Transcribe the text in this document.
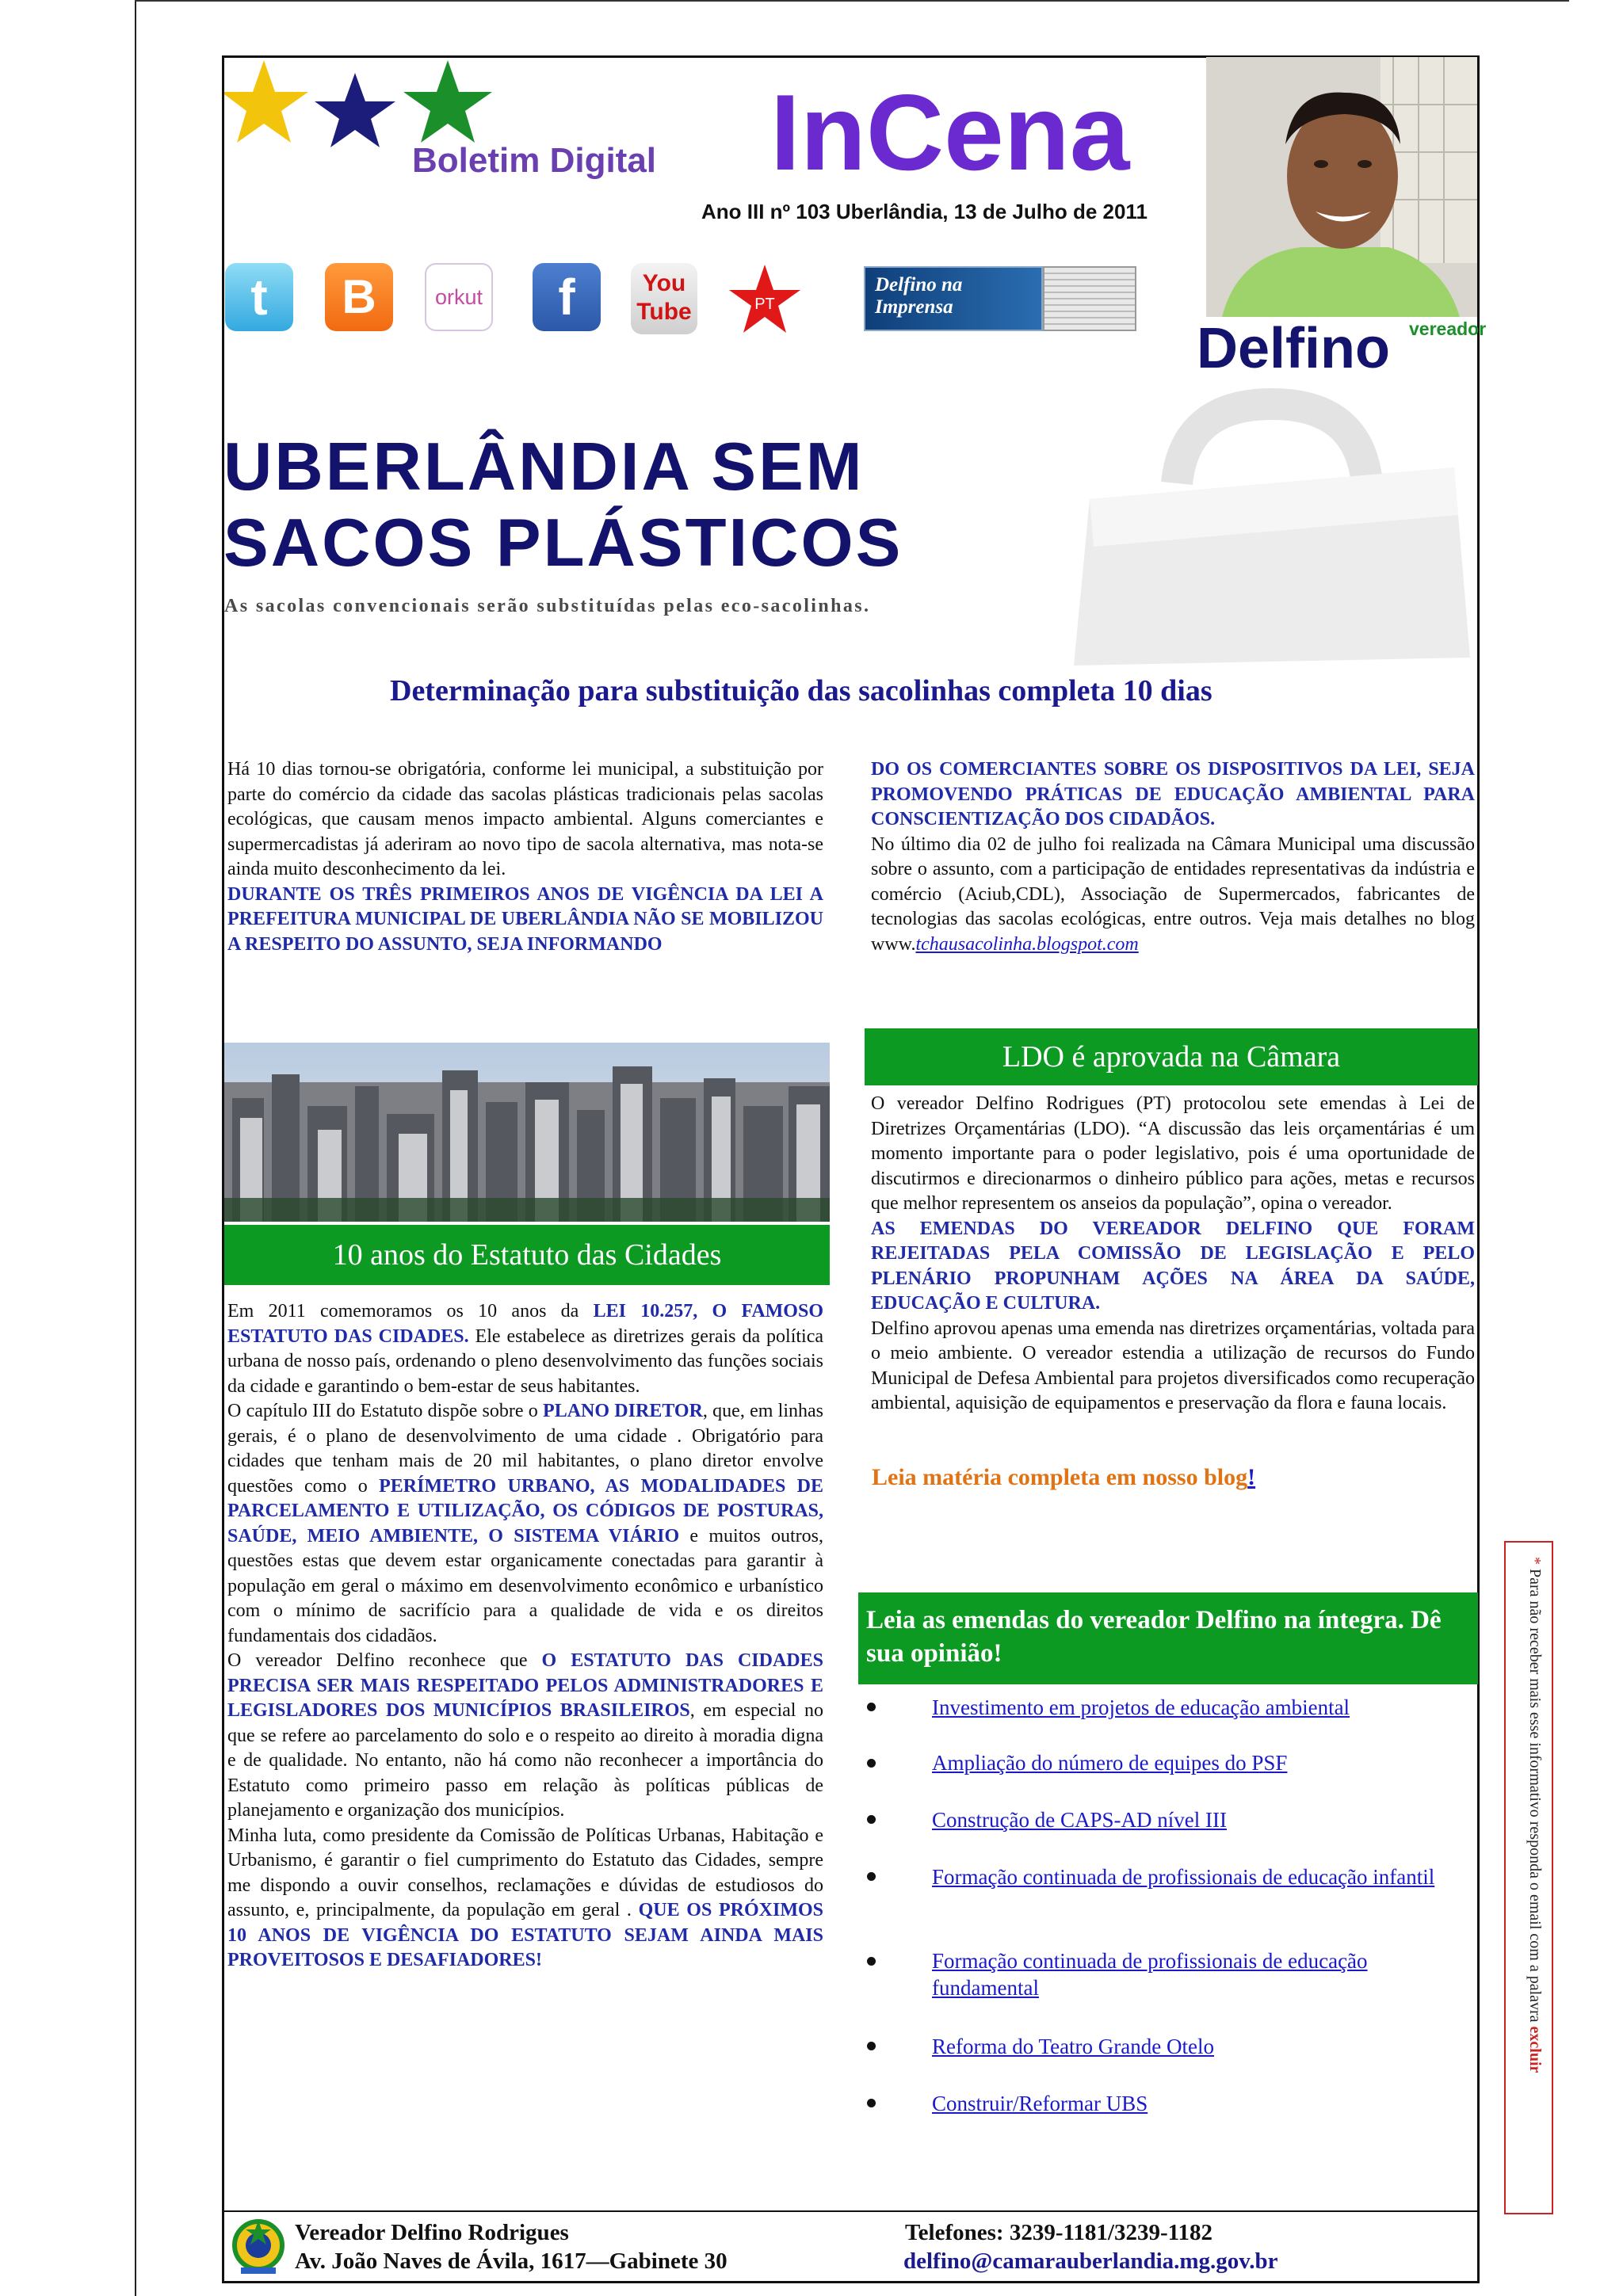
Boletim Digital InCena
Ano III nº 103 Uberlândia, 13 de Julho de 2011
vereador
Delfino
t	B	orkut	f	You Tube	PT
Delfino na
Imprensa
UBERLÂNDIA SEM
SACOS PLÁSTICOS
As sacolas convencionais serão substituídas pelas eco-sacolinhas.
Determinação para substituição das sacolinhas completa 10 dias
Há 10 dias tornou-se obrigatória, conforme lei municipal, a substituição por parte do comércio da cidade das sacolas plásticas tradicionais pelas sacolas ecológicas, que causam menos impacto ambiental. Alguns comerciantes e supermercadistas já aderiram ao novo tipo de sacola alternativa, mas nota-se ainda muito desconhecimento da lei.
DURANTE OS TRÊS PRIMEIROS ANOS DE VIGÊNCIA DA LEI A PREFEITURA MUNICIPAL DE UBERLÂNDIA NÃO SE MOBILIZOU A RESPEITO DO ASSUNTO, SEJA INFORMANDO
DO OS COMERCIANTES SOBRE OS DISPOSITIVOS DA LEI, SEJA PROMOVENDO PRÁTICAS DE EDUCAÇÃO AMBIENTAL PARA CONSCIENTIZAÇÃO DOS CIDADÃOS.
No último dia 02 de julho foi realizada na Câmara Municipal uma discussão sobre o assunto, com a participação de entidades representativas da indústria e comércio (Aciub,CDL), Associação de Supermercados, fabricantes de tecnologias das sacolas ecológicas, entre outros. Veja mais detalhes no blog www.tchausacolinha.blogspot.com
10 anos do Estatuto das Cidades
Em 2011 comemoramos os 10 anos da LEI 10.257, O FAMOSO ESTATUTO DAS CIDADES. Ele estabelece as diretrizes gerais da política urbana de nosso país, ordenando o pleno desenvolvimento das funções sociais da cidade e garantindo o bem-estar de seus habitantes.
O capítulo III do Estatuto dispõe sobre o PLANO DIRETOR, que, em linhas gerais, é o plano de desenvolvimento de uma cidade . Obrigatório para cidades que tenham mais de 20 mil habitantes, o plano diretor envolve questões como o PERÍMETRO URBANO, AS MODALIDADES DE PARCELAMENTO E UTILIZAÇÃO, OS CÓDIGOS DE POSTURAS, SAÚDE, MEIO AMBIENTE, O SISTEMA VIÁRIO e muitos outros, questões estas que devem estar organicamente conectadas para garantir à população em geral o máximo em desenvolvimento econômico e urbanístico com o mínimo de sacrifício para a qualidade de vida e os direitos fundamentais dos cidadãos.
O vereador Delfino reconhece que O ESTATUTO DAS CIDADES PRECISA SER MAIS RESPEITADO PELOS ADMINISTRADORES E LEGISLADORES DOS MUNICÍPIOS BRASILEIROS, em especial no que se refere ao parcelamento do solo e o respeito ao direito à moradia digna e de qualidade. No entanto, não há como não reconhecer a importância do Estatuto como primeiro passo em relação às políticas públicas de planejamento e organização dos municípios.
Minha luta, como presidente da Comissão de Políticas Urbanas, Habitação e Urbanismo, é garantir o fiel cumprimento do Estatuto das Cidades, sempre me dispondo a ouvir conselhos, reclamações e dúvidas de estudiosos do assunto, e, principalmente, da população em geral . QUE OS PRÓXIMOS 10 ANOS DE VIGÊNCIA DO ESTATUTO SEJAM AINDA MAIS PROVEITOSOS E DESAFIADORES!
LDO é aprovada na Câmara
O vereador Delfino Rodrigues (PT) protocolou sete emendas à Lei de Diretrizes Orçamentárias (LDO). “A discussão das leis orçamentárias é um momento importante para o poder legislativo, pois é uma oportunidade de discutirmos e direcionarmos o dinheiro público para ações, metas e recursos que melhor representem os anseios da população”, opina o vereador.
AS EMENDAS DO VEREADOR DELFINO QUE FORAM REJEITADAS PELA COMISSÃO DE LEGISLAÇÃO E PELO PLENÁRIO PROPUNHAM AÇÕES NA ÁREA DA SAÚDE, EDUCAÇÃO E CULTURA.
Delfino aprovou apenas uma emenda nas diretrizes orçamentárias, voltada para o meio ambiente. O vereador estendia a utilização de recursos do Fundo Municipal de Defesa Ambiental para projetos diversificados como recuperação ambiental, aquisição de equipamentos e preservação da flora e fauna locais.
Leia matéria completa em nosso blog!
Leia as emendas do vereador Delfino na íntegra. Dê sua opinião!
Investimento em projetos de educação ambiental
Ampliação do número de equipes do PSF
Construção de CAPS-AD nível III
Formação continuada de profissionais de educação infantil
Formação continuada de profissionais de educação fundamental
Reforma do Teatro Grande Otelo
Construir/Reformar UBS
* Para não receber mais esse informativo responda o email com a palavra excluir
Vereador Delfino Rodrigues
Av. João Naves de Ávila, 1617—Gabinete 30
Telefones: 3239-1181/3239-1182
delfino@camarauberlandia.mg.gov.br
